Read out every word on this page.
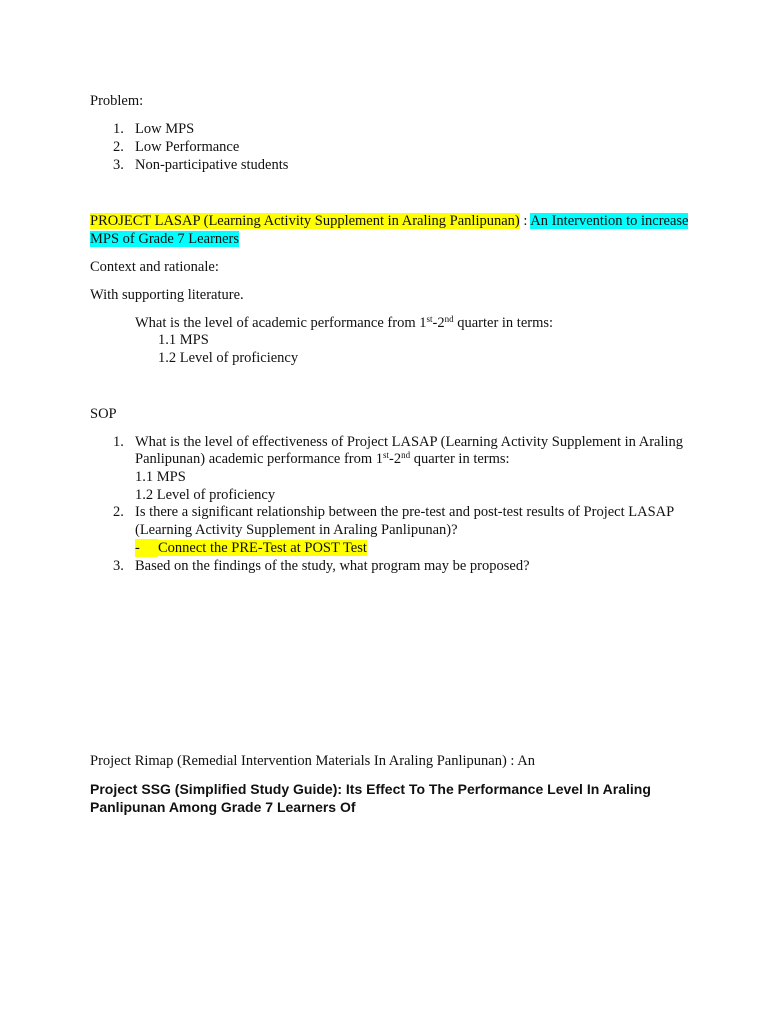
Problem:
1. Low MPS
2. Low Performance
3. Non-participative students
PROJECT LASAP (Learning Activity Supplement in Araling Panlipunan) : An Intervention to increase
MPS of Grade 7 Learners
Context and rationale:
With supporting literature.
What is the level of academic performance from 1st-2nd quarter in terms:
1.1 MPS
1.2 Level of proficiency
SOP
1. What is the level of effectiveness of Project LASAP (Learning Activity Supplement in Araling
Panlipunan) academic performance from 1st-2nd quarter in terms:
1.1 MPS
1.2 Level of proficiency
2. Is there a significant relationship between the pre-test and post-test results of Project LASAP
(Learning Activity Supplement in Araling Panlipunan)?
- Connect the PRE-Test at POST Test
3. Based on the findings of the study, what program may be proposed?
Project Rimap (Remedial Intervention Materials In Araling Panlipunan) : An
Project SSG (Simplified Study Guide): Its Effect To The Performance Level In Araling
Panlipunan Among Grade 7 Learners Of
